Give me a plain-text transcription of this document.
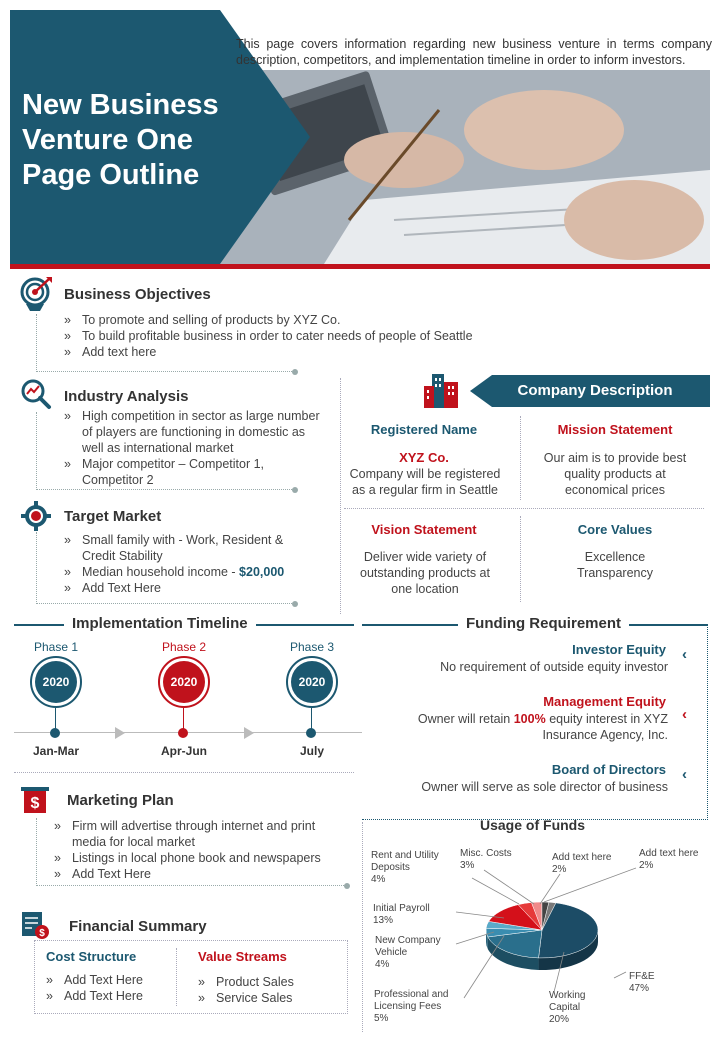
New Business Venture One Page Outline
This page covers information regarding new business venture in terms company description, competitors, and implementation timeline in order to inform investors.
Business Objectives
» To promote and selling of products by XYZ Co.
» To build profitable business in order to cater needs of people of Seattle
» Add text here
Industry Analysis
» High competition in sector as large number of players are functioning in domestic as well as international market
» Major competitor – Competitor 1, Competitor 2
Target Market
» Small family with - Work, Resident & Credit Stability
» Median household income - $20,000
» Add Text Here
Company Description
Registered Name
XYZ Co.
Company will be registered as a regular firm in Seattle
Mission Statement
Our aim is to provide best quality products at economical prices
Vision Statement
Deliver wide variety of outstanding products at one location
Core Values
Excellence
Transparency
Implementation Timeline
Phase 1
2020
Jan-Mar
Phase 2
2020
Apr-Jun
Phase 3
2020
July
Funding Requirement
Investor Equity
No requirement of outside equity investor
‹
Management Equity
Owner will retain 100% equity interest in XYZ Insurance Agency, Inc.
‹
Board of Directors
Owner will serve as sole director of business
‹
$ Marketing Plan
» Firm will advertise through internet and print media for local market
» Listings in local phone book and newspapers
» Add Text Here
$ Financial Summary
Cost Structure
» Add Text Here
» Add Text Here
Value Streams
» Product Sales
» Service Sales
Usage of Funds
Rent and Utility Deposits
4%
Misc. Costs
3%
Add text here
2%
Add text here
2%
Initial Payroll
13%
New Company Vehicle
4%
Professional and Licensing Fees
5%
Working Capital
20%
FF&E
47%
